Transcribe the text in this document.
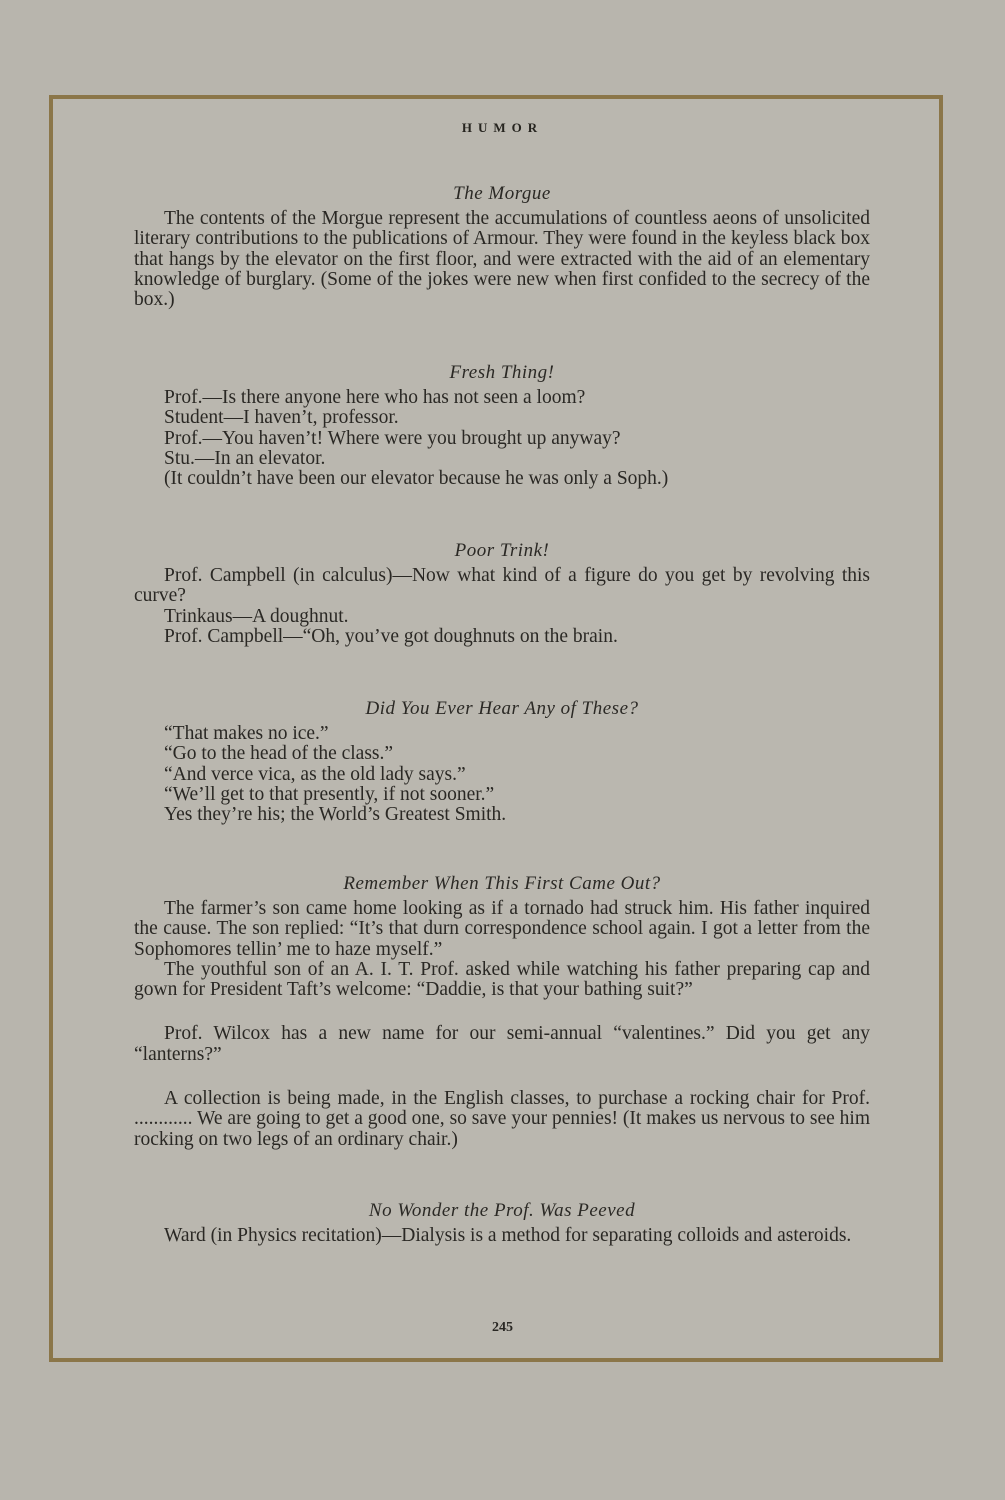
HUMOR
The Morgue

The contents of the Morgue represent the accumulations of countless aeons of unsolicited literary contributions to the publications of Armour. They were found in the keyless black box that hangs by the elevator on the first floor, and were extracted with the aid of an elementary knowledge of burglary. (Some of the jokes were new when first confided to the secrecy of the box.)

Fresh Thing!

Prof.—Is there anyone here who has not seen a loom?

Student—I haven’t, professor.

Prof.—You haven’t! Where were you brought up anyway?

Stu.—In an elevator.

(It couldn’t have been our elevator because he was only a Soph.)

Poor Trink!

Prof. Campbell (in calculus)—Now what kind of a figure do you get by revolving this curve?

Trinkaus—A doughnut.

Prof. Campbell—“Oh, you’ve got doughnuts on the brain.

Did You Ever Hear Any of These?

“That makes no ice.”

“Go to the head of the class.”

“And verce vica, as the old lady says.”

“We’ll get to that presently, if not sooner.”

Yes they’re his; the World’s Greatest Smith.

Remember When This First Came Out?

The farmer’s son came home looking as if a tornado had struck him. His father inquired the cause. The son replied: “It’s that durn correspondence school again. I got a letter from the Sophomores tellin’ me to haze myself.”

The youthful son of an A. I. T. Prof. asked while watching his father preparing cap and gown for President Taft’s welcome: “Daddie, is that your bathing suit?”

Prof. Wilcox has a new name for our semi-annual “valentines.” Did you get any “lanterns?”

A collection is being made, in the English classes, to purchase a rocking chair for Prof. ............ We are going to get a good one, so save your pennies! (It makes us nervous to see him rocking on two legs of an ordinary chair.)

No Wonder the Prof. Was Peeved

Ward (in Physics recitation)—Dialysis is a method for separating colloids and asteroids.

245
